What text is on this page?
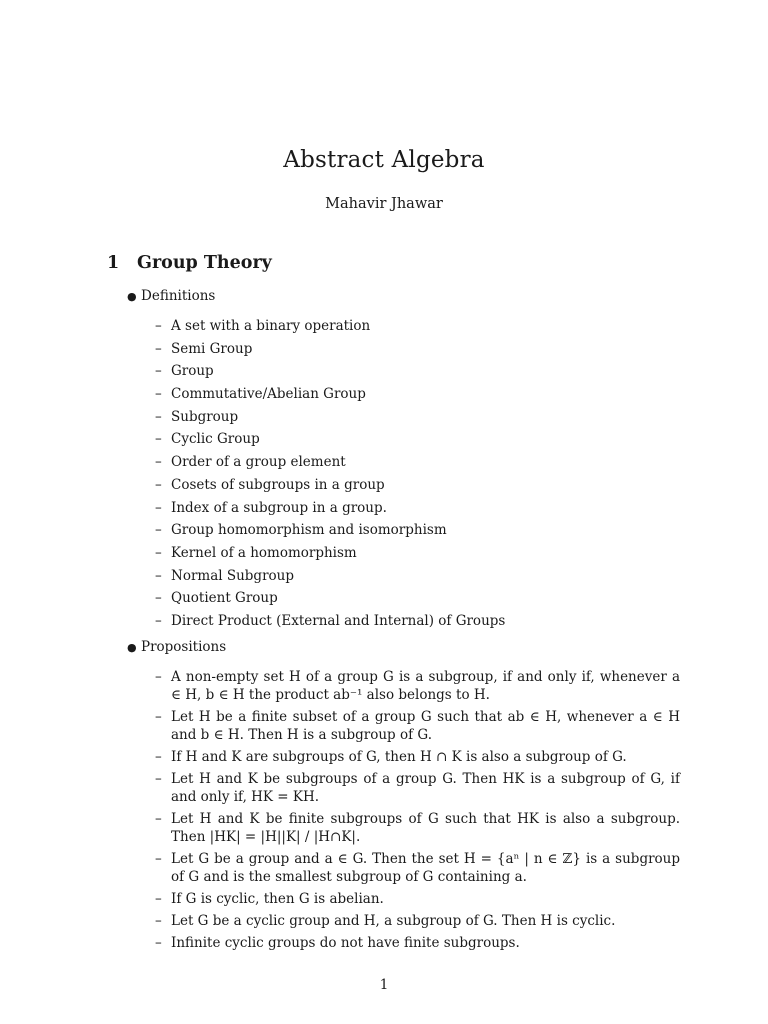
Abstract Algebra
Mahavir Jhawar
1 Group Theory
● Definitions
– A set with a binary operation
– Semi Group
– Group
– Commutative/Abelian Group
– Subgroup
– Cyclic Group
– Order of a group element
– Cosets of subgroups in a group
– Index of a subgroup in a group.
– Group homomorphism and isomorphism
– Kernel of a homomorphism
– Normal Subgroup
– Quotient Group
– Direct Product (External and Internal) of Groups
● Propositions
– A non-empty set H of a group G is a subgroup, if and only if, whenever a ∈ H, b ∈ H the product ab⁻¹ also belongs to H.
– Let H be a finite subset of a group G such that ab ∈ H, whenever a ∈ H and b ∈ H. Then H is a subgroup of G.
– If H and K are subgroups of G, then H ∩ K is also a subgroup of G.
– Let H and K be subgroups of a group G. Then HK is a subgroup of G, if and only if, HK = KH.
– Let H and K be finite subgroups of G such that HK is also a subgroup. Then |HK| = |H||K| / |H∩K|.
– Let G be a group and a ∈ G. Then the set H = {aⁿ | n ∈ ℤ} is a subgroup of G and is the smallest subgroup of G containing a.
– If G is cyclic, then G is abelian.
– Let G be a cyclic group and H, a subgroup of G. Then H is cyclic.
– Infinite cyclic groups do not have finite subgroups.
1
